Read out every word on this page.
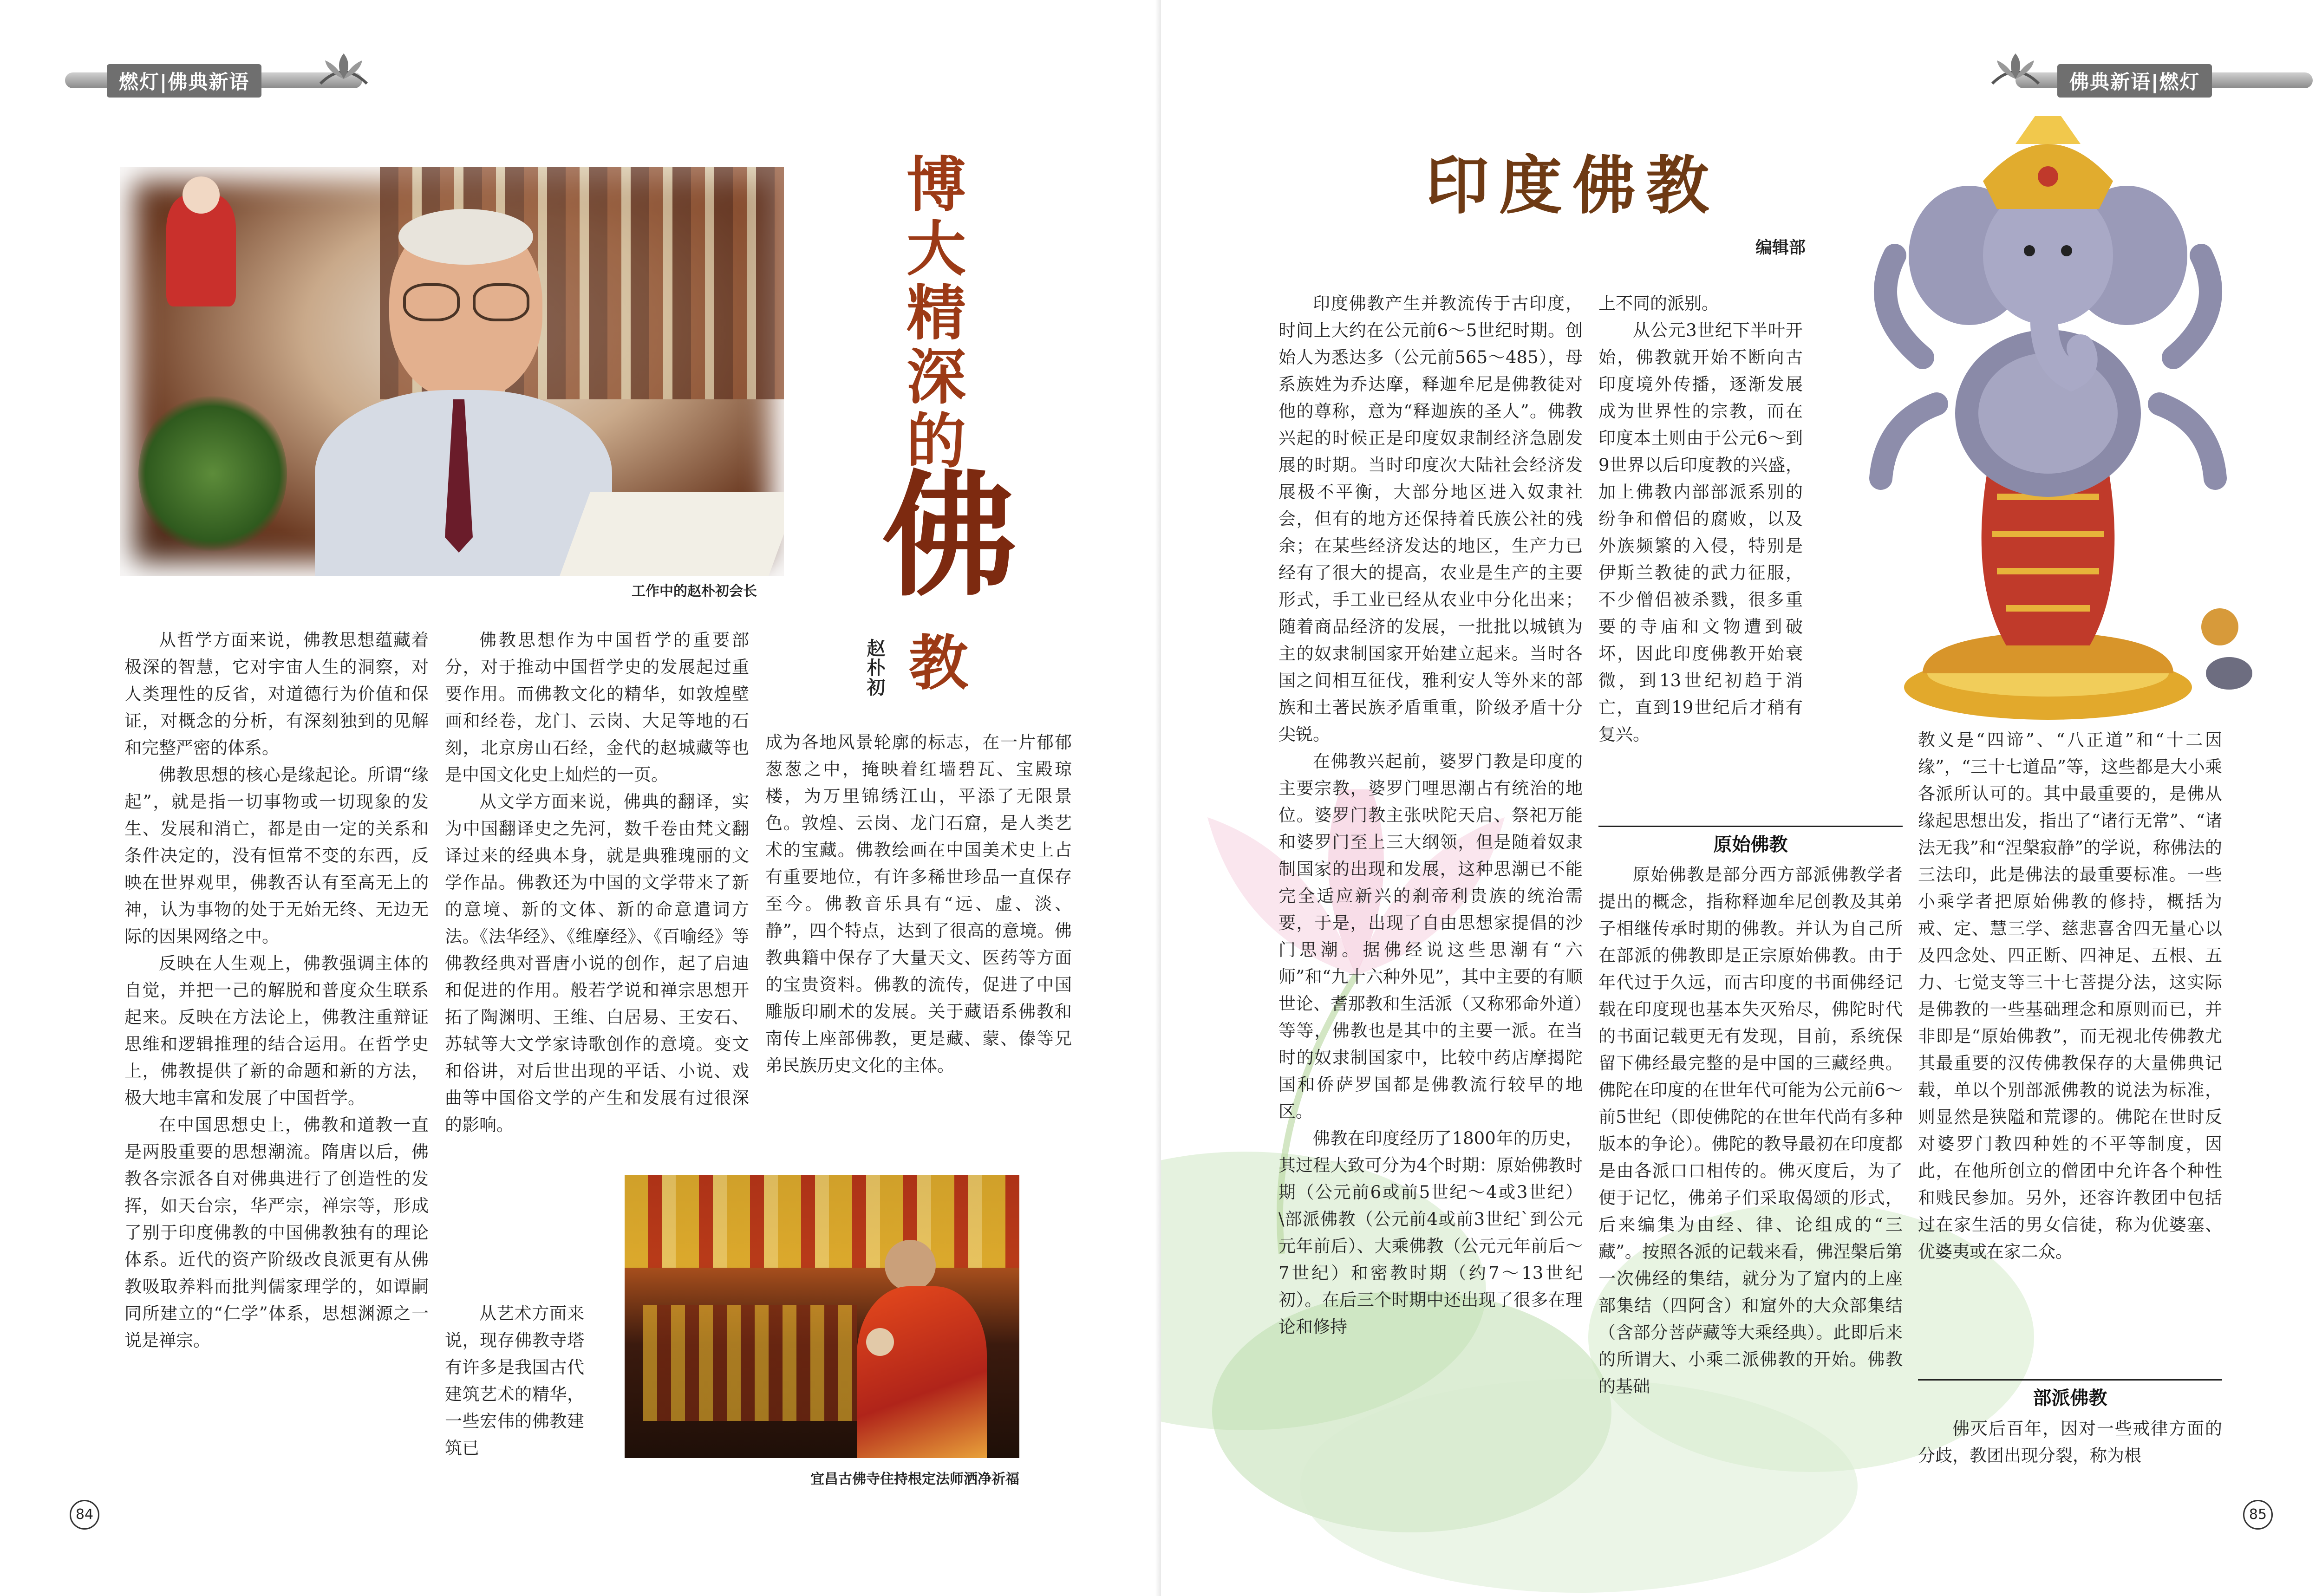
燃灯|佛典新语
工作中的赵朴初会长
博大精深的
佛
教
赵朴初

从哲学方面来说，佛教思想蕴藏着极深的智慧，它对宇宙人生的洞察，对人类理性的反省，对道德行为价值和保证，对概念的分析，有深刻独到的见解和完整严密的体系。

佛教思想的核心是缘起论。所谓“缘起”，就是指一切事物或一切现象的发生、发展和消亡，都是由一定的关系和条件决定的，没有恒常不变的东西，反映在世界观里，佛教否认有至高无上的神，认为事物的处于无始无终、无边无际的因果网络之中。

反映在人生观上，佛教强调主体的自觉，并把一己的解脱和普度众生联系起来。反映在方法论上，佛教注重辩证思维和逻辑推理的结合运用。在哲学史上，佛教提供了新的命题和新的方法，极大地丰富和发展了中国哲学。

在中国思想史上，佛教和道教一直是两股重要的思想潮流。隋唐以后，佛教各宗派各自对佛典进行了创造性的发挥，如天台宗，华严宗，禅宗等，形成了别于印度佛教的中国佛教独有的理论体系。近代的资产阶级改良派更有从佛教吸取养料而批判儒家理学的，如谭嗣同所建立的“仁学”体系，思想渊源之一说是禅宗。

佛教思想作为中国哲学的重要部分，对于推动中国哲学史的发展起过重要作用。而佛教文化的精华，如敦煌壁画和经卷，龙门、云岗、大足等地的石刻，北京房山石经，金代的赵城藏等也是中国文化史上灿烂的一页。

从文学方面来说，佛典的翻译，实为中国翻译史之先河，数千卷由梵文翻译过来的经典本身，就是典雅瑰丽的文学作品。佛教还为中国的文学带来了新的意境、新的文体、新的命意遣词方法。《法华经》、《维摩经》、《百喻经》等佛教经典对晋唐小说的创作，起了启迪和促进的作用。般若学说和禅宗思想开拓了陶渊明、王维、白居易、王安石、苏轼等大文学家诗歌创作的意境。变文和俗讲，对后世出现的平话、小说、戏曲等中国俗文学的产生和发展有过很深的影响。

从艺术方面来说，现存佛教寺塔有许多是我国古代建筑艺术的精华，一些宏伟的佛教建筑已

成为各地风景轮廓的标志，在一片郁郁葱葱之中，掩映着红墙碧瓦、宝殿琼楼，为万里锦绣江山，平添了无限景色。敦煌、云岗、龙门石窟，是人类艺术的宝藏。佛教绘画在中国美术史上占有重要地位，有许多稀世珍品一直保存至今。佛教音乐具有“远、虚、淡、静”，四个特点，达到了很高的意境。佛教典籍中保存了大量天文、医药等方面的宝贵资料。佛教的流传，促进了中国雕版印刷术的发展。关于藏语系佛教和南传上座部佛教，更是藏、蒙、傣等兄弟民族历史文化的主体。

宜昌古佛寺住持根定法师洒净祈福
84
佛典新语|燃灯
印度佛教
编辑部

印度佛教产生并教流传于古印度，时间上大约在公元前6～5世纪时期。创始人为悉达多（公元前565～485），母系族姓为乔达摩，释迦牟尼是佛教徒对他的尊称，意为“释迦族的圣人”。佛教兴起的时候正是印度奴隶制经济急剧发展的时期。当时印度次大陆社会经济发展极不平衡，大部分地区进入奴隶社会，但有的地方还保持着氏族公社的残余；在某些经济发达的地区，生产力已经有了很大的提高，农业是生产的主要形式，手工业已经从农业中分化出来；随着商品经济的发展，一批批以城镇为主的奴隶制国家开始建立起来。当时各国之间相互征伐，雅利安人等外来的部族和土著民族矛盾重重，阶级矛盾十分尖锐。

在佛教兴起前，婆罗门教是印度的主要宗教，婆罗门哩思潮占有统治的地位。婆罗门教主张吠陀天启、祭祀万能和婆罗门至上三大纲领，但是随着奴隶制国家的出现和发展，这种思潮已不能完全适应新兴的刹帝利贵族的统治需要，于是，出现了自由思想家提倡的沙门思潮。据佛经说这些思潮有“六师”和“九十六种外见”，其中主要的有顺世论、耆那教和生活派（又称邪命外道）等等，佛教也是其中的主要一派。在当时的奴隶制国家中，比较中药店摩揭陀国和侨萨罗国都是佛教流行较早的地区。

佛教在印度经历了1800年的历史，其过程大致可分为4个时期：原始佛教时期（公元前6或前5世纪～4或3世纪）\部派佛教（公元前4或前3世纪`到公元元年前后）、大乘佛教（公元元年前后～7世纪）和密教时期（约7～13世纪初）。在后三个时期中还出现了很多在理论和修持

上不同的派别。

从公元3世纪下半叶开始，佛教就开始不断向古印度境外传播，逐渐发展成为世界性的宗教，而在印度本土则由于公元6～到9世界以后印度教的兴盛，加上佛教内部部派系别的纷争和僧侣的腐败，以及外族频繁的入侵，特别是伊斯兰教徒的武力征服，不少僧侣被杀戮，很多重要的寺庙和文物遭到破坏，因此印度佛教开始衰微，到13世纪初趋于消亡，直到19世纪后才稍有复兴。

原始佛教

原始佛教是部分西方部派佛教学者提出的概念，指称释迦牟尼创教及其弟子相继传承时期的佛教。并认为自己所在部派的佛教即是正宗原始佛教。由于年代过于久远，而古印度的书面佛经记载在印度现也基本失灭殆尽，佛陀时代的书面记载更无有发现，目前，系统保留下佛经最完整的是中国的三藏经典。佛陀在印度的在世年代可能为公元前6～前5世纪（即使佛陀的在世年代尚有多种版本的争论）。佛陀的教导最初在印度都是由各派口口相传的。佛灭度后，为了便于记忆，佛弟子们采取偈颂的形式，后来编集为由经、律、论组成的“三藏”。按照各派的记载来看，佛涅槃后第一次佛经的集结，就分为了窟内的上座部集结（四阿含）和窟外的大众部集结（含部分菩萨藏等大乘经典）。此即后来的所谓大、小乘二派佛教的开始。佛教的基础

教义是“四谛”、“八正道”和“十二因缘”，“三十七道品”等，这些都是大小乘各派所认可的。其中最重要的，是佛从缘起思想出发，指出了“诸行无常”、“诸法无我”和“涅槃寂静”的学说，称佛法的三法印，此是佛法的最重要标准。一些小乘学者把原始佛教的修持，概括为戒、定、慧三学、慈悲喜舍四无量心以及四念处、四正断、四神足、五根、五力、七觉支等三十七菩提分法，这实际是佛教的一些基础理念和原则而已，并非即是“原始佛教”，而无视北传佛教尤其最重要的汉传佛教保存的大量佛典记载，单以个别部派佛教的说法为标准，则显然是狭隘和荒谬的。佛陀在世时反对婆罗门教四种姓的不平等制度，因此，在他所创立的僧团中允许各个种性和贱民参加。另外，还容许教团中包括过在家生活的男女信徒，称为优婆塞、优婆夷或在家二众。

部派佛教

佛灭后百年，因对一些戒律方面的分歧，教团出现分裂，称为根

85
